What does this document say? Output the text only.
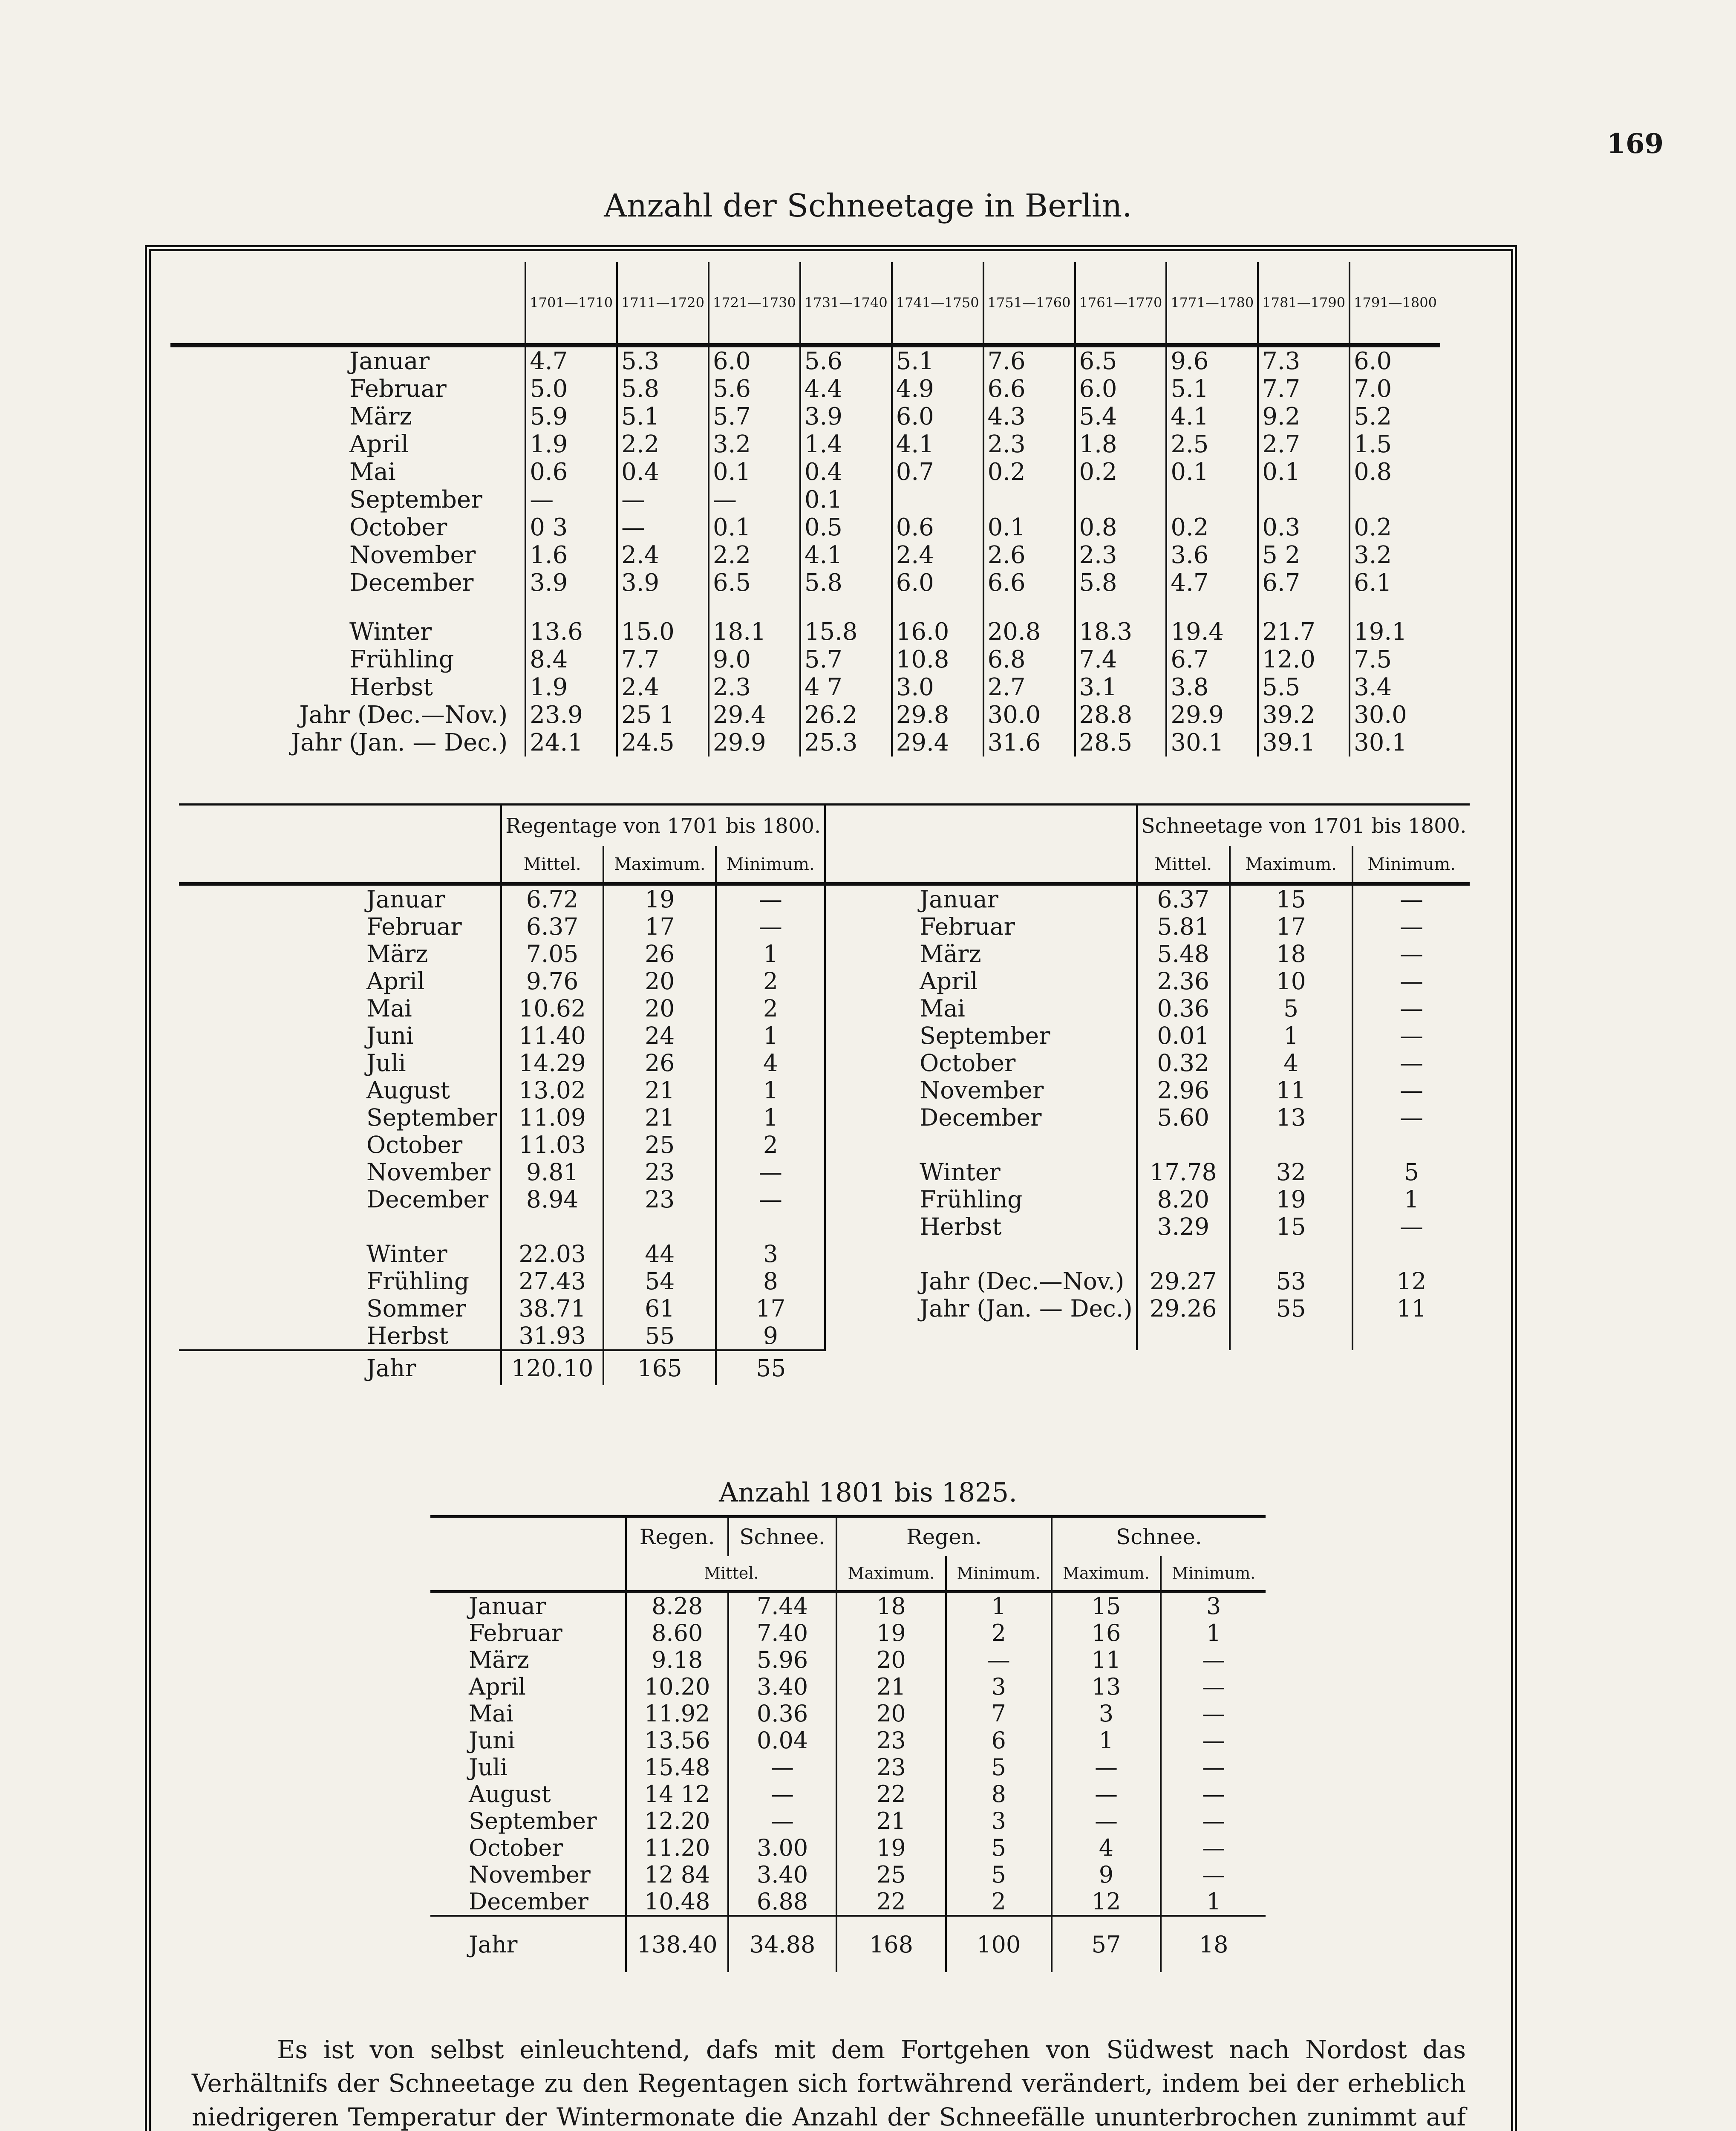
169
Anzahl der Schneetage in Berlin.
	1701—1710	1711—1720	1721—1730	1731—1740	1741—1750	1751—1760	1761—1770	1771—1780	1781—1790	1791—1800
Januar	4.7	5.3	6.0	5.6	5.1	7.6	6.5	9.6	7.3	6.0
Februar	5.0	5.8	5.6	4.4	4.9	6.6	6.0	5.1	7.7	7.0
März	5.9	5.1	5.7	3.9	6.0	4.3	5.4	4.1	9.2	5.2
April	1.9	2.2	3.2	1.4	4.1	2.3	1.8	2.5	2.7	1.5
Mai	0.6	0.4	0.1	0.4	0.7	0.2	0.2	0.1	0.1	0.8
September	—	—	—	0.1						
October	0 3	—	0.1	0.5	0.6	0.1	0.8	0.2	0.3	0.2
November	1.6	2.4	2.2	4.1	2.4	2.6	2.3	3.6	5 2	3.2
December	3.9	3.9	6.5	5.8	6.0	6.6	5.8	4.7	6.7	6.1

Winter	13.6	15.0	18.1	15.8	16.0	20.8	18.3	19.4	21.7	19.1
Frühling	8.4	7.7	9.0	5.7	10.8	6.8	7.4	6.7	12.0	7.5
Herbst	1.9	2.4	2.3	4 7	3.0	2.7	3.1	3.8	5.5	3.4
Jahr (Dec.—Nov.)	23.9	25 1	29.4	26.2	29.8	30.0	28.8	29.9	39.2	30.0
Jahr (Jan. — Dec.)	24.1	24.5	29.9	25.3	29.4	31.6	28.5	30.1	39.1	30.1
	Regentage von 1701 bis 1800.				Schneetage von 1701 bis 1800.		
	Mittel.	Maximum.	Minimum.		Mittel.	Maximum.	Minimum.
Januar	6.72	19	—	Januar	6.37	15	—
Februar	6.37	17	—	Februar	5.81	17	—
März	7.05	26	1	März	5.48	18	—
April	9.76	20	2	April	2.36	10	—
Mai	10.62	20	2	Mai	0.36	5	—
Juni	11.40	24	1	September	0.01	1	—
Juli	14.29	26	4	October	0.32	4	—
August	13.02	21	1	November	2.96	11	—
September	11.09	21	1	December	5.60	13	—
October	11.03	25	2				
November	9.81	23	—	Winter	17.78	32	5
December	8.94	23	—	Frühling	8.20	19	1
				Herbst	3.29	15	—
Winter	22.03	44	3				
Frühling	27.43	54	8	Jahr (Dec.—Nov.)	29.27	53	12
Sommer	38.71	61	17	Jahr (Jan. — Dec.)	29.26	55	11
Herbst	31.93	55	9				
Jahr	120.10	165	55				
Anzahl 1801 bis 1825.
	Regen.	Schnee.	Regen.		Schnee.	
	Mittel.		Maximum.	Minimum.	Maximum.	Minimum.
Januar	8.28	7.44	18	1	15	3
Februar	8.60	7.40	19	2	16	1
März	9.18	5.96	20	—	11	—
April	10.20	3.40	21	3	13	—
Mai	11.92	0.36	20	7	3	—
Juni	13.56	0.04	23	6	1	—
Juli	15.48	—	23	5	—	—
August	14 12	—	22	8	—	—
September	12.20	—	21	3	—	—
October	11.20	3.00	19	5	4	—
November	12 84	3.40	25	5	9	—
December	10.48	6.88	22	2	12	1
Jahr	138.40	34.88	168	100	57	18
Es ist von selbst einleuchtend, dafs mit dem Fortgehen von Südwest nach Nordost das Verhältnifs der Schneetage zu den Regentagen sich fortwährend verändert, indem bei der erheblich niedrigeren Temperatur der Wintermonate die Anzahl der Schneefälle ununterbrochen zunimmt auf
